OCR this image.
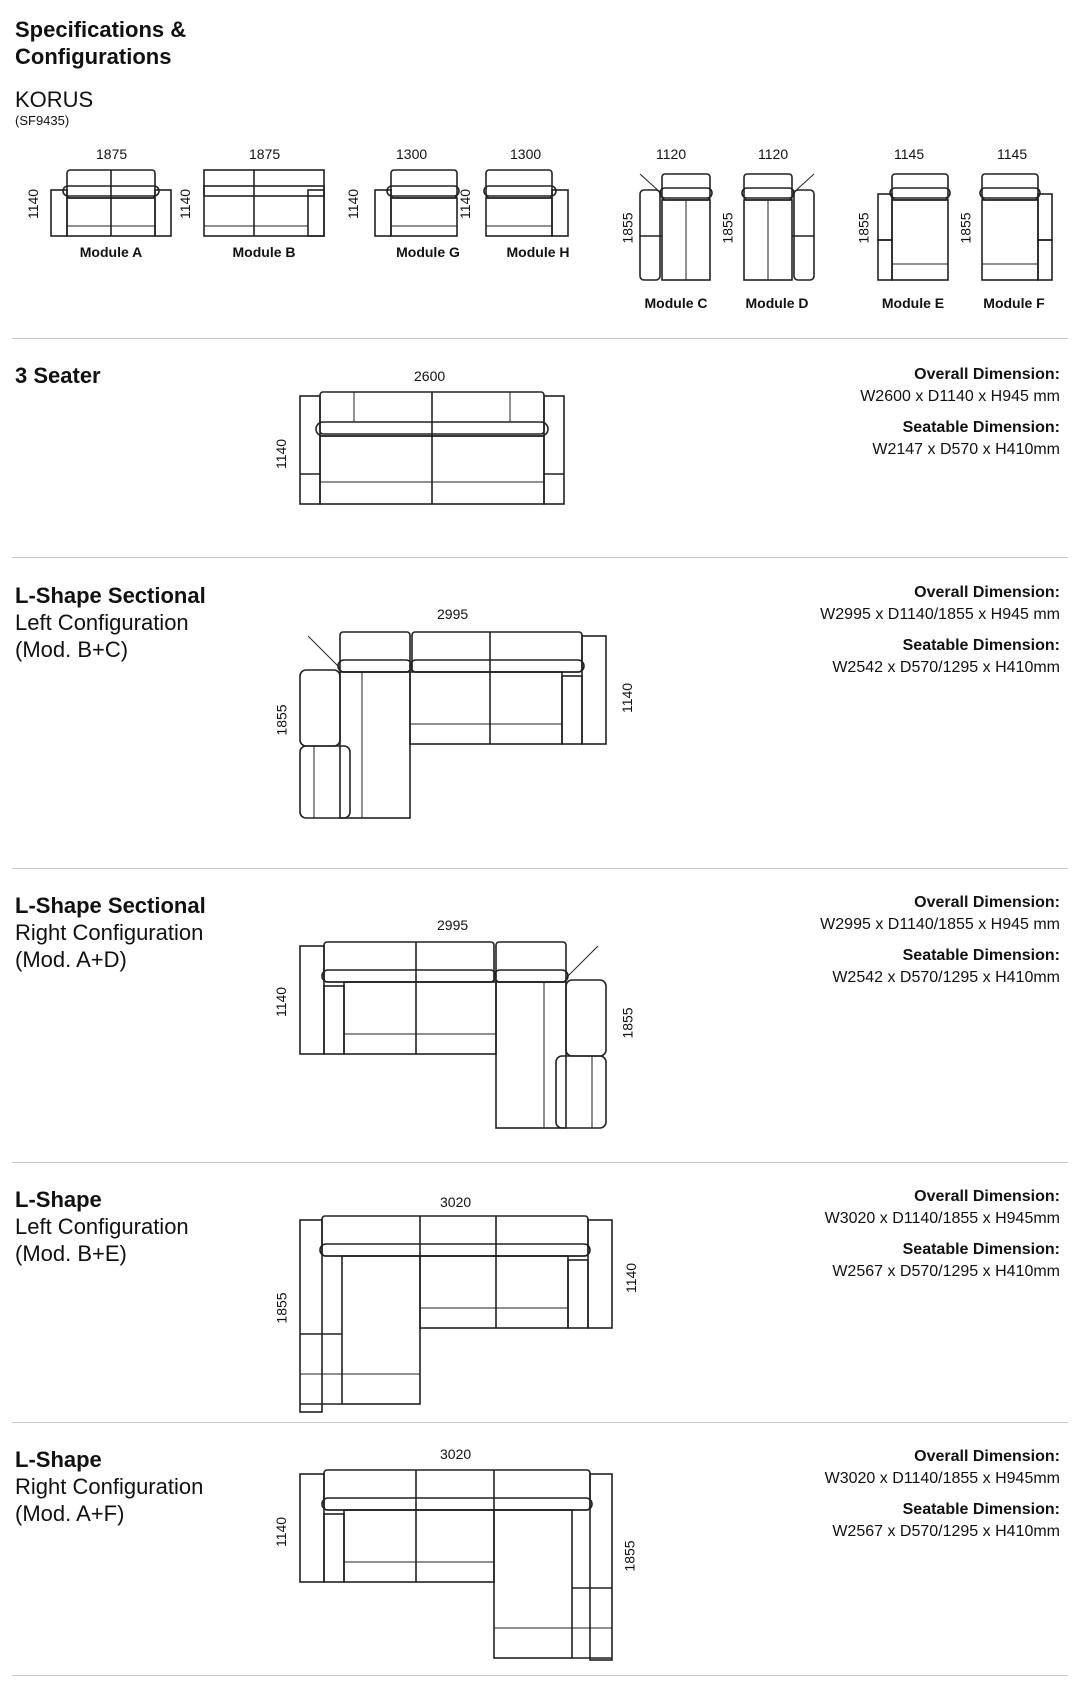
Specifications &
Configurations
KORUS
(SF9435)
1875
1140
Module A
1875
1140
Module B
1300
1140
Module G
1300
1140
Module H
1120
1855
Module C
1120
1855
Module D
1145
1855
Module E
1145
1855
Module F
3 Seater	2600
1140
Overall Dimension:
W2600 x D1140 x H945 mm
Seatable Dimension:
W2147 x D570 x H410mm
L-Shape Sectional
Left Configuration
(Mod. B+C)
2995
1855
1140
Overall Dimension:
W2995 x D1140/1855 x H945 mm
Seatable Dimension:
W2542 x D570/1295 x H410mm
L-Shape Sectional
Right Configuration
(Mod. A+D)
2995
1140
1855
Overall Dimension:
W2995 x D1140/1855 x H945 mm
Seatable Dimension:
W2542 x D570/1295 x H410mm
L-Shape
Left Configuration
(Mod. B+E)
3020
1855
1140
Overall Dimension:
W3020 x D1140/1855 x H945mm
Seatable Dimension:
W2567 x D570/1295 x H410mm
L-Shape
Right Configuration
(Mod. A+F)
3020
1140
1855
Overall Dimension:
W3020 x D1140/1855 x H945mm
Seatable Dimension:
W2567 x D570/1295 x H410mm
